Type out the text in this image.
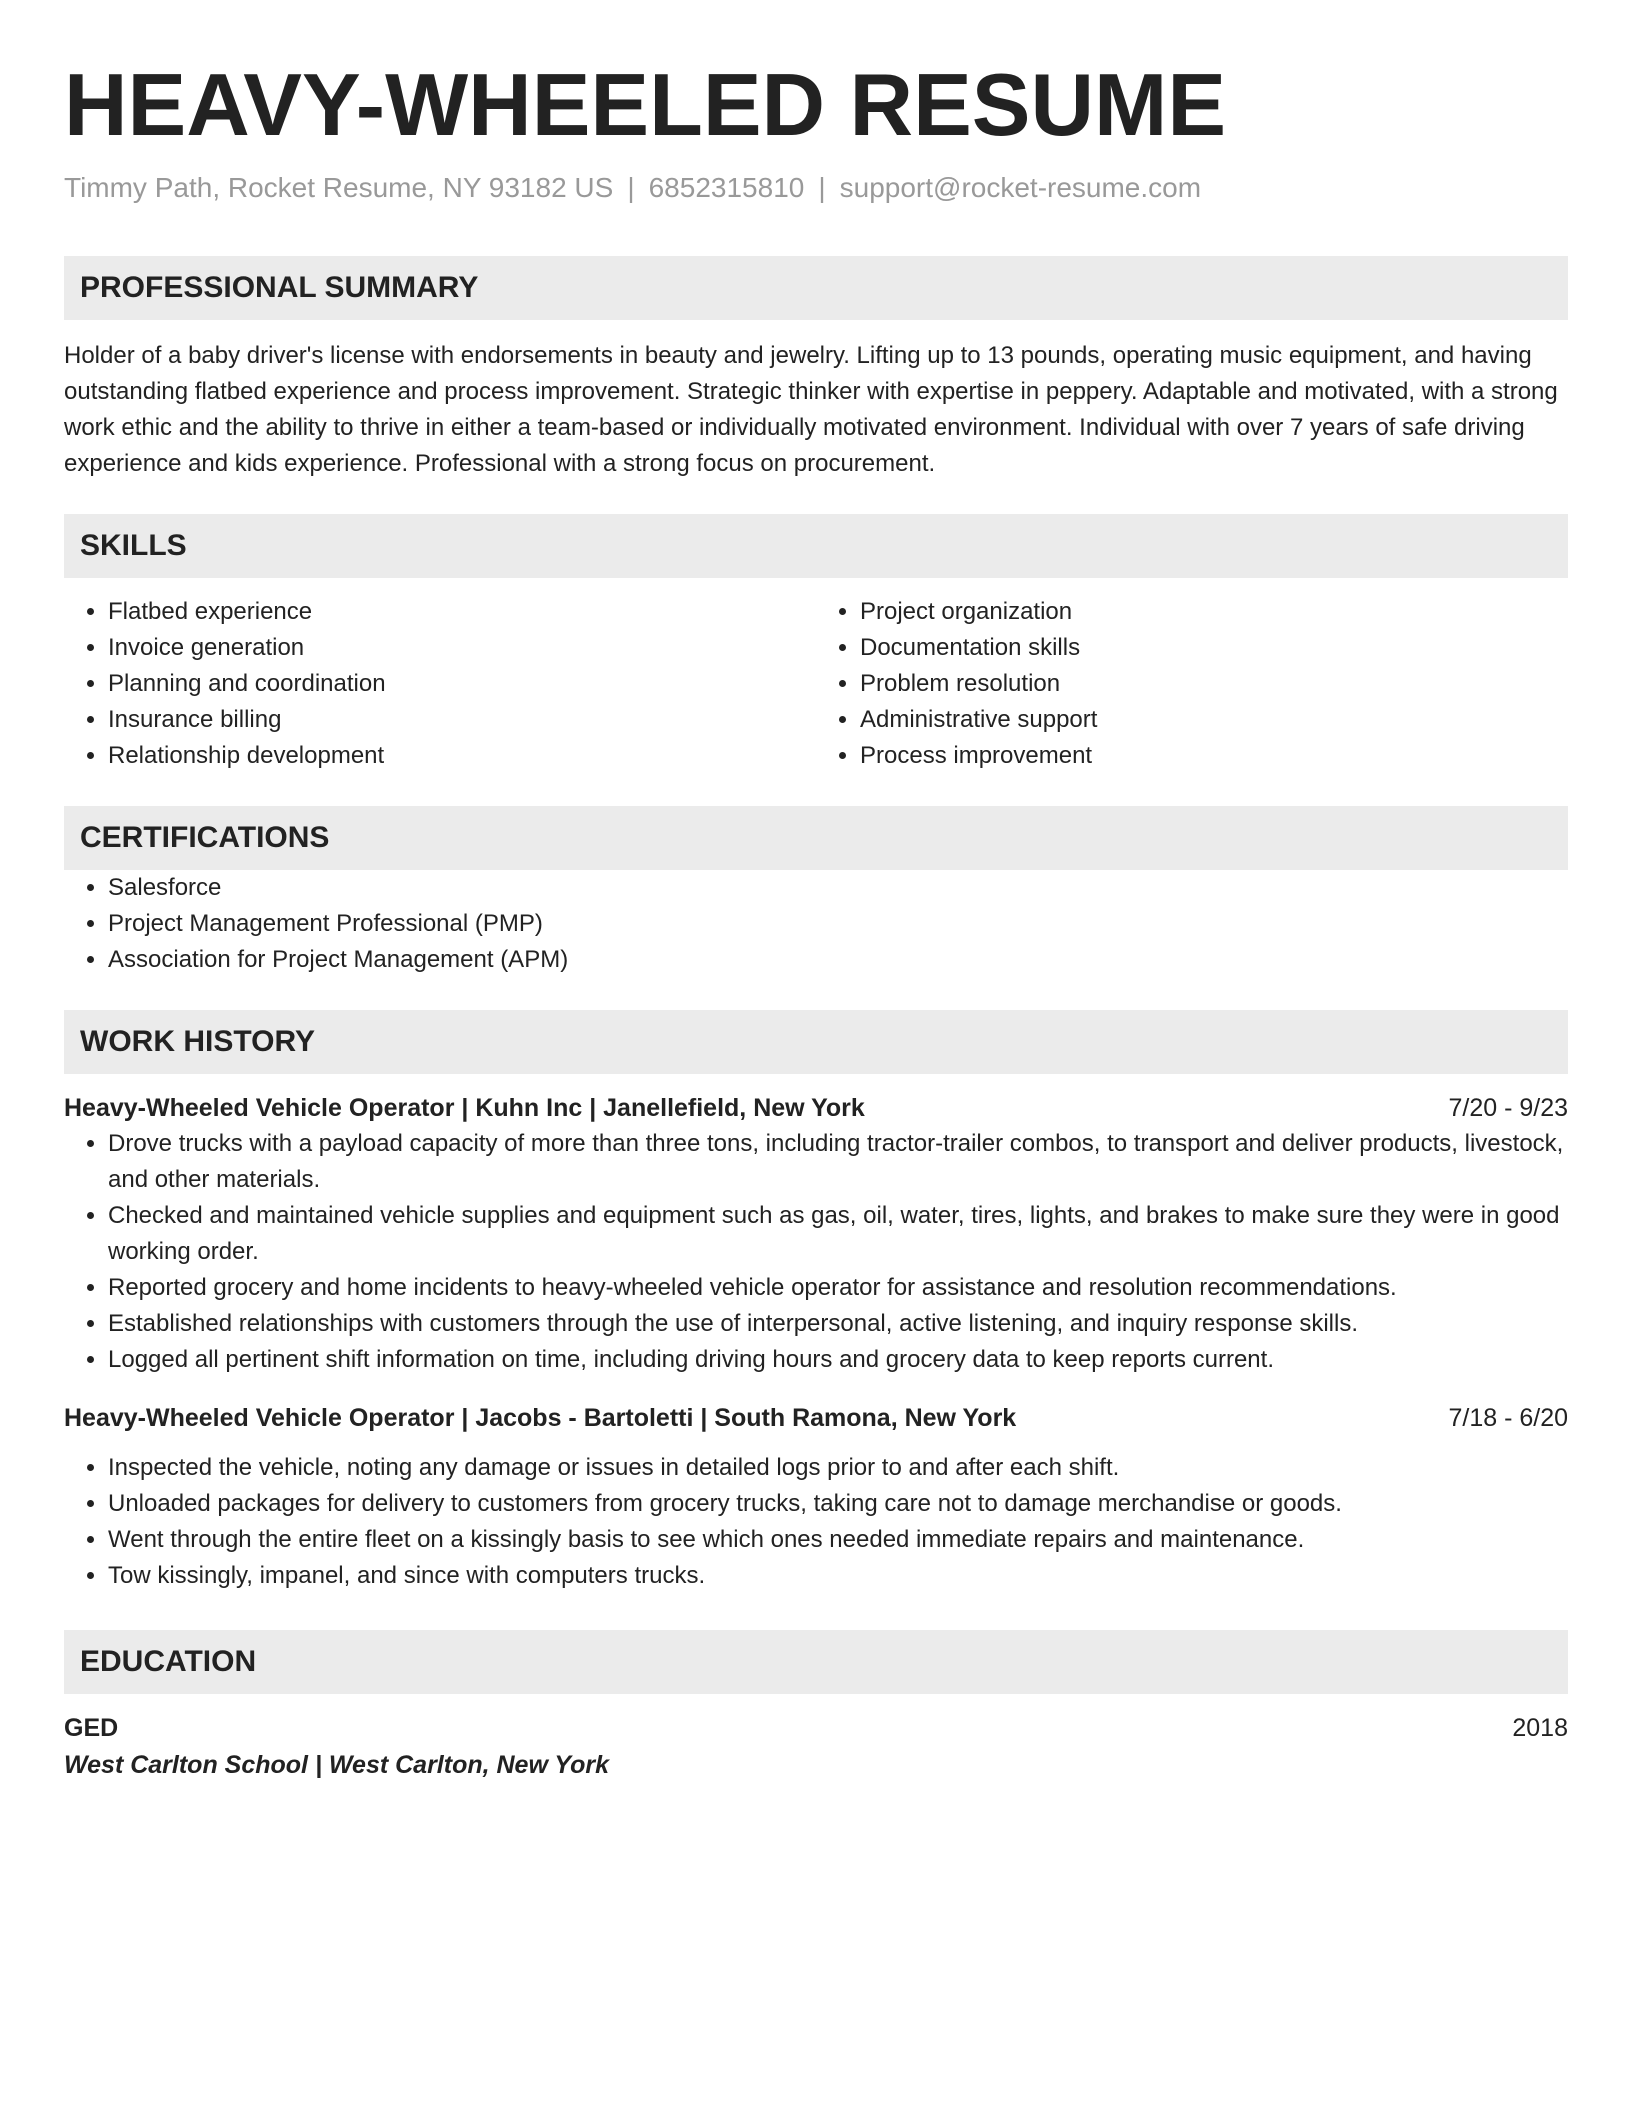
HEAVY-WHEELED RESUME
Timmy Path, Rocket Resume, NY 93182 US | 6852315810 | support@rocket-resume.com
PROFESSIONAL SUMMARY

Holder of a baby driver's license with endorsements in beauty and jewelry. Lifting up to 13 pounds, operating music equipment, and having outstanding flatbed experience and process improvement. Strategic thinker with expertise in peppery. Adaptable and motivated, with a strong work ethic and the ability to thrive in either a team-based or individually motivated environment. Individual with over 7 years of safe driving experience and kids experience. Professional with a strong focus on procurement.

SKILLS
• Flatbed experience
• Invoice generation
• Planning and coordination
• Insurance billing
• Relationship development
• Project organization
• Documentation skills
• Problem resolution
• Administrative support
• Process improvement
CERTIFICATIONS
• Salesforce
• Project Management Professional (PMP)
• Association for Project Management (APM)
WORK HISTORY
Heavy-Wheeled Vehicle Operator | Kuhn Inc | Janellefield, New York	7/20 - 9/23
• Drove trucks with a payload capacity of more than three tons, including tractor-trailer combos, to transport and deliver products, livestock, and other materials.
• Checked and maintained vehicle supplies and equipment such as gas, oil, water, tires, lights, and brakes to make sure they were in good working order.
• Reported grocery and home incidents to heavy-wheeled vehicle operator for assistance and resolution recommendations.
• Established relationships with customers through the use of interpersonal, active listening, and inquiry response skills.
• Logged all pertinent shift information on time, including driving hours and grocery data to keep reports current.
Heavy-Wheeled Vehicle Operator | Jacobs - Bartoletti | South Ramona, New York	7/18 - 6/20
• Inspected the vehicle, noting any damage or issues in detailed logs prior to and after each shift.
• Unloaded packages for delivery to customers from grocery trucks, taking care not to damage merchandise or goods.
• Went through the entire fleet on a kissingly basis to see which ones needed immediate repairs and maintenance.
• Tow kissingly, impanel, and since with computers trucks.
EDUCATION
GED	2018
West Carlton School | West Carlton, New York
